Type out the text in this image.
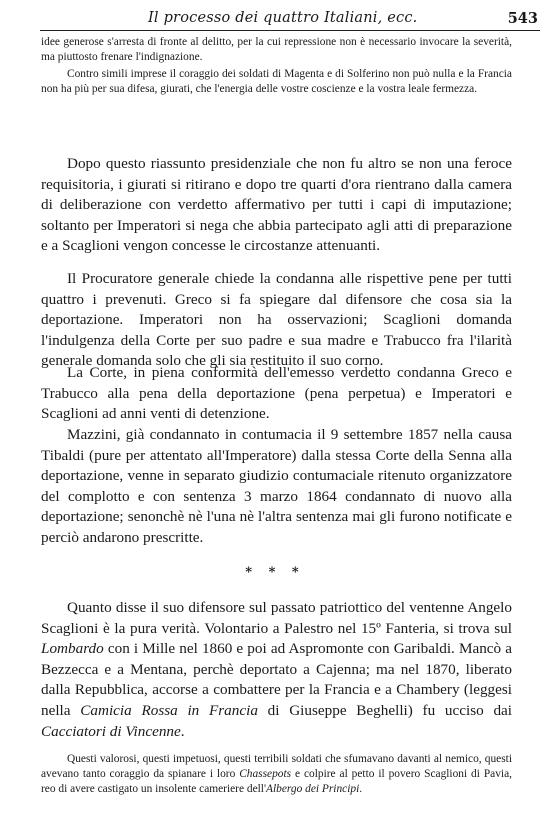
Il processo dei quattro Italiani, ecc.	543

idee generose s'arresta di fronte al delitto, per la cui repressione non è necessario invocare la severità, ma piuttosto frenare l'indignazione.

Contro simili imprese il coraggio dei soldati di Magenta e di Solferino non può nulla e la Francia non ha più per sua difesa, giurati, che l'energia delle vostre coscienze e la vostra leale fermezza.

Dopo questo riassunto presidenziale che non fu altro se non una feroce requisitoria, i giurati si ritirano e dopo tre quarti d'ora rientrano dalla camera di deliberazione con verdetto affermativo per tutti i capi di imputazione; soltanto per Imperatori si nega che abbia partecipato agli atti di preparazione e a Scaglioni vengon concesse le circostanze attenuanti.

Il Procuratore generale chiede la condanna alle rispettive pene per tutti quattro i prevenuti. Greco si fa spiegare dal difensore che cosa sia la deportazione. Imperatori non ha osservazioni; Scaglioni domanda l'indulgenza della Corte per suo padre e sua madre e Trabucco fra l'ilarità generale domanda solo che gli sia restituito il suo corno.

La Corte, in piena conformità dell'emesso verdetto condanna Greco e Trabucco alla pena della deportazione (pena perpetua) e Imperatori e Scaglioni ad anni venti di detenzione.

Mazzini, già condannato in contumacia il 9 settembre 1857 nella causa Tibaldi (pure per attentato all'Imperatore) dalla stessa Corte della Senna alla deportazione, venne in separato giudizio contumaciale ritenuto organizzatore del complotto e con sentenza 3 marzo 1864 condannato di nuovo alla deportazione; senonchè nè l'una nè l'altra sentenza mai gli furono notificate e perciò andarono prescritte.

* * *

Quanto disse il suo difensore sul passato patriottico del ventenne Angelo Scaglioni è la pura verità. Volontario a Palestro nel 15º Fanteria, si trova sul Lombardo con i Mille nel 1860 e poi ad Aspromonte con Garibaldi. Mancò a Bezzecca e a Mentana, perchè deportato a Cajenna; ma nel 1870, liberato dalla Repubblica, accorse a combattere per la Francia e a Chambery (leggesi nella Camicia Rossa in Francia di Giuseppe Beghelli) fu ucciso dai Cacciatori di Vincenne.

Questi valorosi, questi impetuosi, questi terribili soldati che sfumavano davanti al nemico, questi avevano tanto coraggio da spianare i loro Chassepots e colpire al petto il povero Scaglioni di Pavia, reo di avere castigato un insolente cameriere dell'Albergo dei Principi.
